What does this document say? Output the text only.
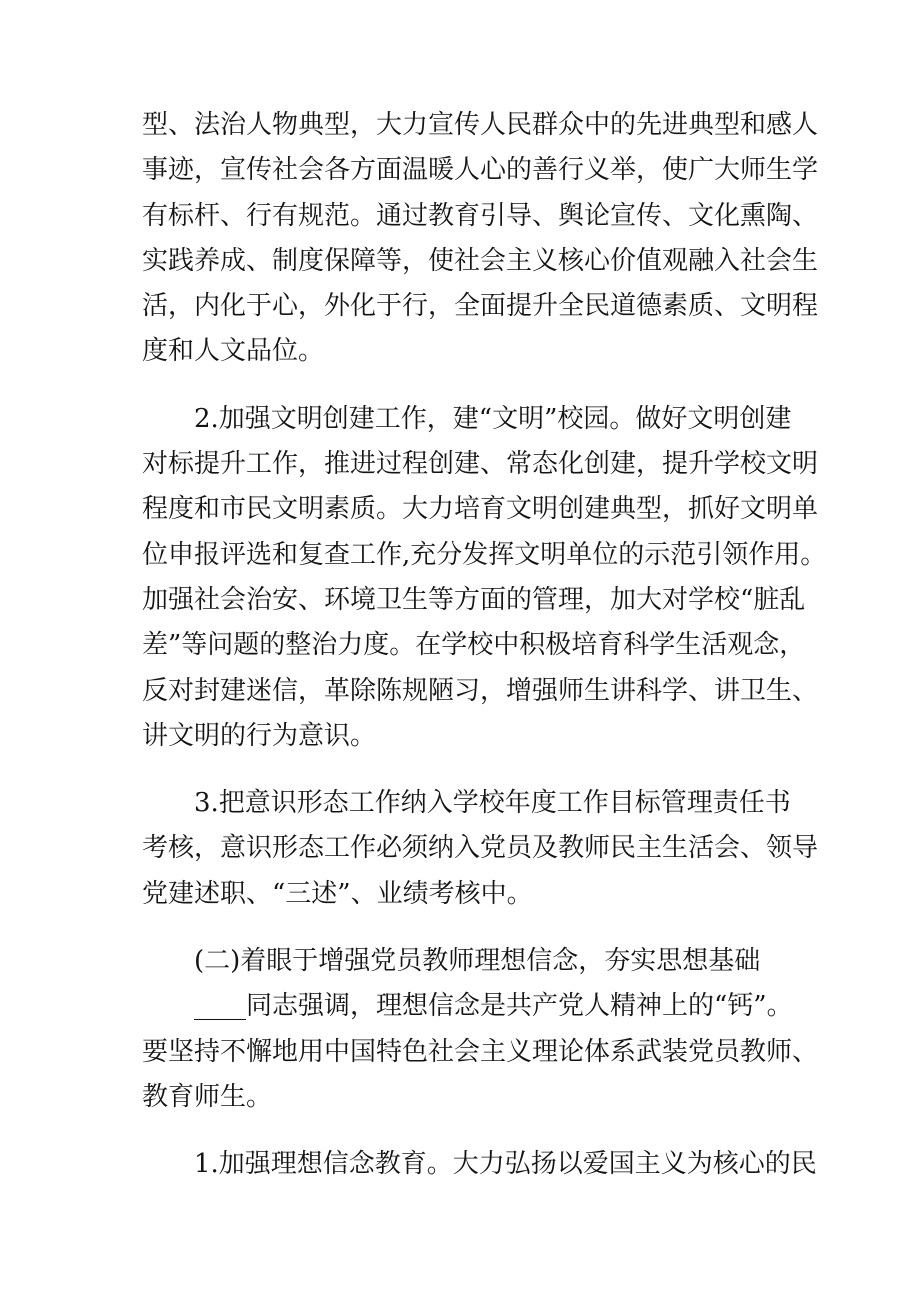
型、法治人物典型，大力宣传人民群众中的先进典型和感人
事迹，宣传社会各方面温暖人心的善行义举，使广大师生学
有标杆、行有规范。通过教育引导、舆论宣传、文化熏陶、
实践养成、制度保障等，使社会主义核心价值观融入社会生
活，内化于心，外化于行，全面提升全民道德素质、文明程
度和人文品位。
2.加强文明创建工作，建“文明”校园。做好文明创建
对标提升工作，推进过程创建、常态化创建，提升学校文明
程度和市民文明素质。大力培育文明创建典型，抓好文明单
位申报评选和复查工作,充分发挥文明单位的示范引领作用。
加强社会治安、环境卫生等方面的管理，加大对学校“脏乱
差”等问题的整治力度。在学校中积极培育科学生活观念，
反对封建迷信，革除陈规陋习，增强师生讲科学、讲卫生、
讲文明的行为意识。
3.把意识形态工作纳入学校年度工作目标管理责任书
考核，意识形态工作必须纳入党员及教师民主生活会、领导
党建述职、“三述”、业绩考核中。
(二)着眼于增强党员教师理想信念，夯实思想基础
____同志强调，理想信念是共产党人精神上的“钙”。
要坚持不懈地用中国特色社会主义理论体系武装党员教师、
教育师生。
1.加强理想信念教育。大力弘扬以爱国主义为核心的民
